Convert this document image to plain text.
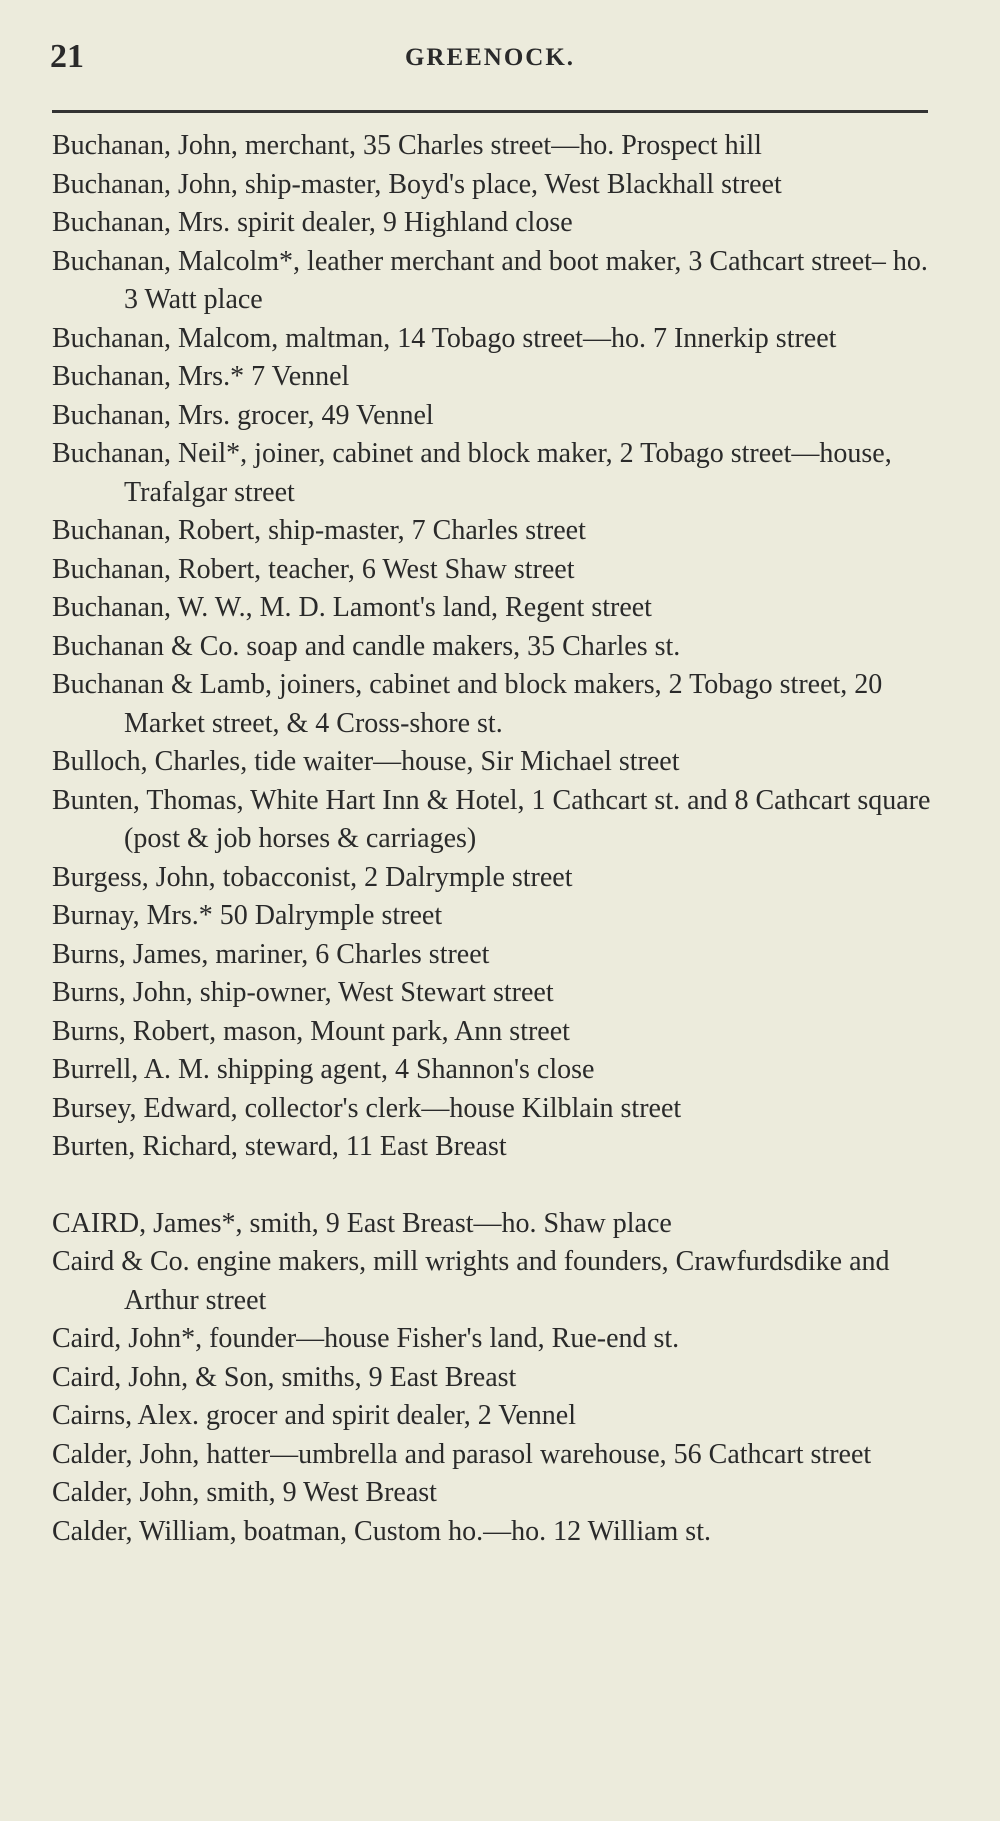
21	GREENOCK.

Buchanan, John, merchant, 35 Charles street—ho. Prospect hill

Buchanan, John, ship-master, Boyd's place, West Blackhall street

Buchanan, Mrs. spirit dealer, 9 Highland close

Buchanan, Malcolm*, leather merchant and boot maker, 3 Cathcart street– ho. 3 Watt place

Buchanan, Malcom, maltman, 14 Tobago street—ho. 7 Innerkip street

Buchanan, Mrs.* 7 Vennel

Buchanan, Mrs. grocer, 49 Vennel

Buchanan, Neil*, joiner, cabinet and block maker, 2 Tobago street—house, Trafalgar street

Buchanan, Robert, ship-master, 7 Charles street

Buchanan, Robert, teacher, 6 West Shaw street

Buchanan, W. W., M. D. Lamont's land, Regent street

Buchanan & Co. soap and candle makers, 35 Charles st.

Buchanan & Lamb, joiners, cabinet and block makers, 2 Tobago street, 20 Market street, & 4 Cross-shore st.

Bulloch, Charles, tide waiter—house, Sir Michael street

Bunten, Thomas, White Hart Inn & Hotel, 1 Cathcart st. and 8 Cathcart square (post & job horses & carriages)

Burgess, John, tobacconist, 2 Dalrymple street

Burnay, Mrs.* 50 Dalrymple street

Burns, James, mariner, 6 Charles street

Burns, John, ship-owner, West Stewart street

Burns, Robert, mason, Mount park, Ann street

Burrell, A. M. shipping agent, 4 Shannon's close

Bursey, Edward, collector's clerk—house Kilblain street

Burten, Richard, steward, 11 East Breast

CAIRD, James*, smith, 9 East Breast—ho. Shaw place

Caird & Co. engine makers, mill wrights and founders, Crawfurdsdike and Arthur street

Caird, John*, founder—house Fisher's land, Rue-end st.

Caird, John, & Son, smiths, 9 East Breast

Cairns, Alex. grocer and spirit dealer, 2 Vennel

Calder, John, hatter—umbrella and parasol warehouse, 56 Cathcart street

Calder, John, smith, 9 West Breast

Calder, William, boatman, Custom ho.—ho. 12 William st.
